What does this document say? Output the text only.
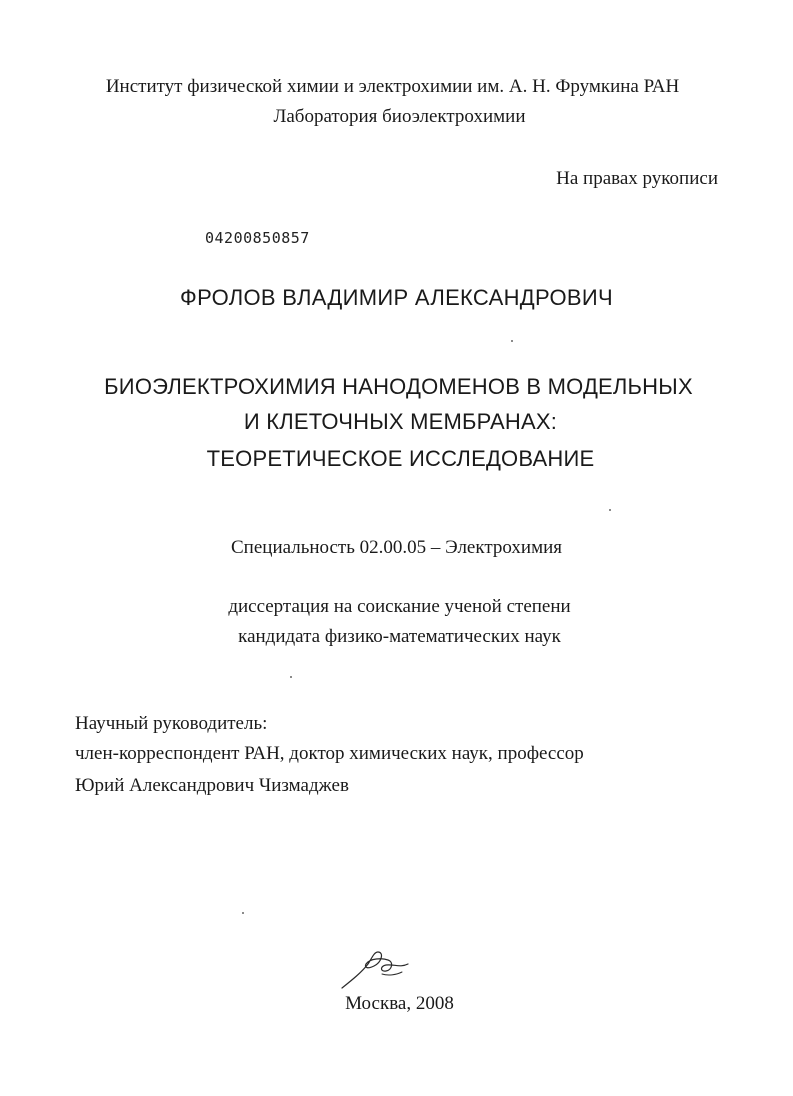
Институт физической химии и электрохимии им. А. Н. Фрумкина РАН
Лаборатория биоэлектрохимии
На правах рукописи
04200850857
ФРОЛОВ ВЛАДИМИР АЛЕКСАНДРОВИЧ
БИОЭЛЕКТРОХИМИЯ НАНОДОМЕНОВ В МОДЕЛЬНЫХ
И КЛЕТОЧНЫХ МЕМБРАНАХ:
ТЕОРЕТИЧЕСКОЕ ИССЛЕДОВАНИЕ
Специальность 02.00.05 – Электрохимия
диссертация на соискание ученой степени
кандидата физико-математических наук
Научный руководитель:
член-корреспондент РАН, доктор химических наук, профессор
Юрий Александрович Чизмаджев
Москва, 2008
